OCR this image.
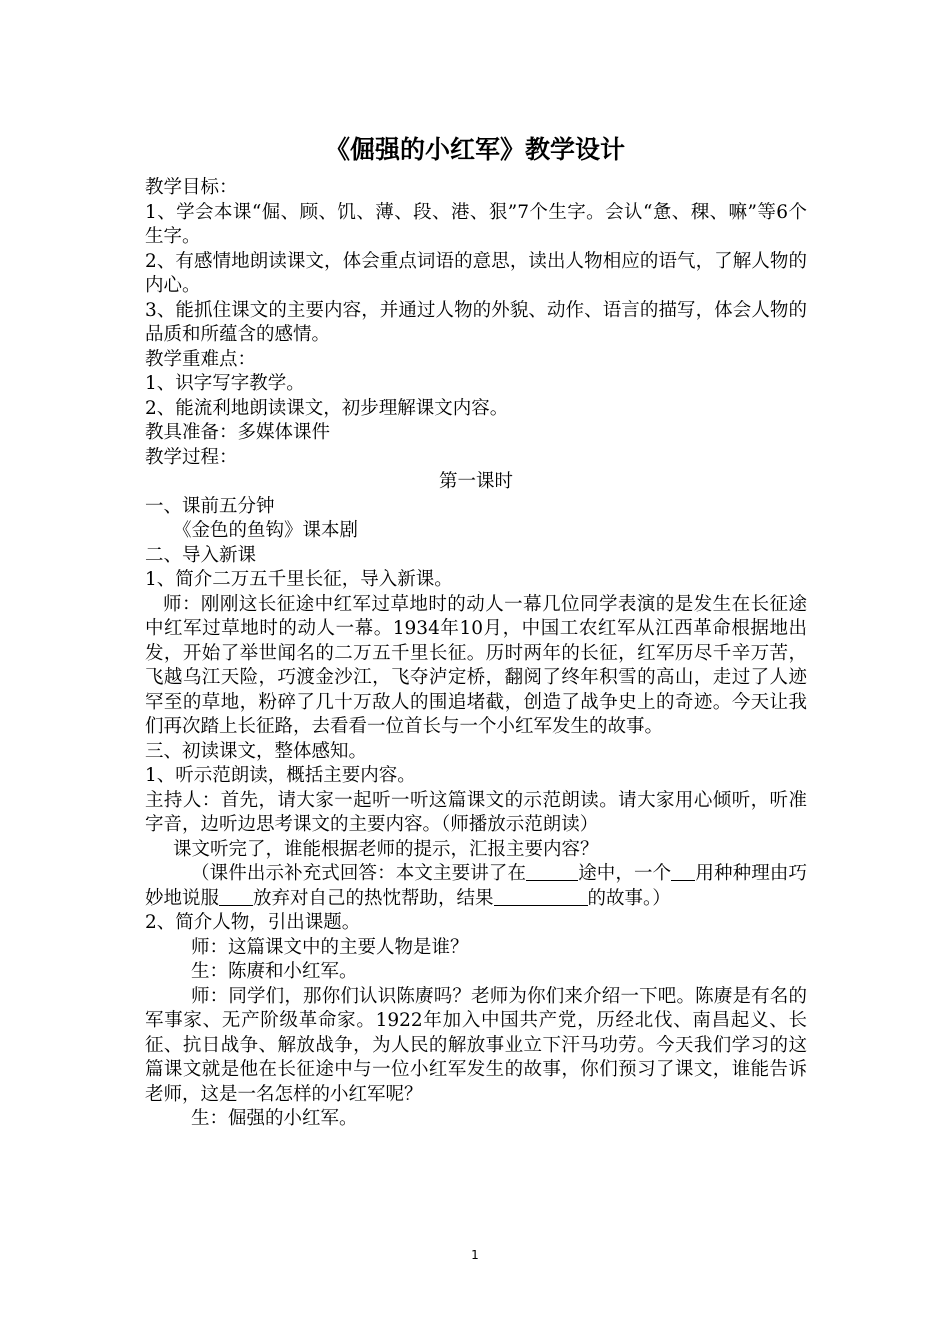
《倔强的小红军》教学设计

教学目标：

1、学会本课“倔、顾、饥、薄、段、港、狠”7个生字。会认“惫、稞、嘛”等6个生字。

2、有感情地朗读课文，体会重点词语的意思，读出人物相应的语气，了解人物的内心。

3、能抓住课文的主要内容，并通过人物的外貌、动作、语言的描写，体会人物的品质和所蕴含的感情。

教学重难点：

1、识字写字教学。

2、能流利地朗读课文，初步理解课文内容。

教具准备：多媒体课件

教学过程：

第一课时

一、课前五分钟

《金色的鱼钩》课本剧

二、导入新课

1、简介二万五千里长征，导入新课。

师：刚刚这长征途中红军过草地时的动人一幕几位同学表演的是发生在长征途中红军过草地时的动人一幕。1934年10月，中国工农红军从江西革命根据地出发，开始了举世闻名的二万五千里长征。历时两年的长征，红军历尽千辛万苦，飞越乌江天险，巧渡金沙江，飞夺泸定桥，翻阅了终年积雪的高山，走过了人迹罕至的草地，粉碎了几十万敌人的围追堵截，创造了战争史上的奇迹。今天让我们再次踏上长征路，去看看一位首长与一个小红军发生的故事。

三、初读课文，整体感知。

1、听示范朗读，概括主要内容。

主持人：首先，请大家一起听一听这篇课文的示范朗读。请大家用心倾听，听准字音，边听边思考课文的主要内容。（师播放示范朗读）

课文听完了，谁能根据老师的提示，汇报主要内容？

（课件出示补充式回答：本文主要讲了在	途中，一个 用种种理由巧妙地说服 放弃对自己的热忱帮助，结果	的故事。）

2、简介人物，引出课题。

师：这篇课文中的主要人物是谁？

生：陈赓和小红军。

师：同学们，那你们认识陈赓吗？老师为你们来介绍一下吧。陈赓是有名的军事家、无产阶级革命家。1922年加入中国共产党，历经北伐、南昌起义、长征、抗日战争、解放战争，为人民的解放事业立下汗马功劳。今天我们学习的这篇课文就是他在长征途中与一位小红军发生的故事，你们预习了课文，谁能告诉老师，这是一名怎样的小红军呢？

生：倔强的小红军。

1
